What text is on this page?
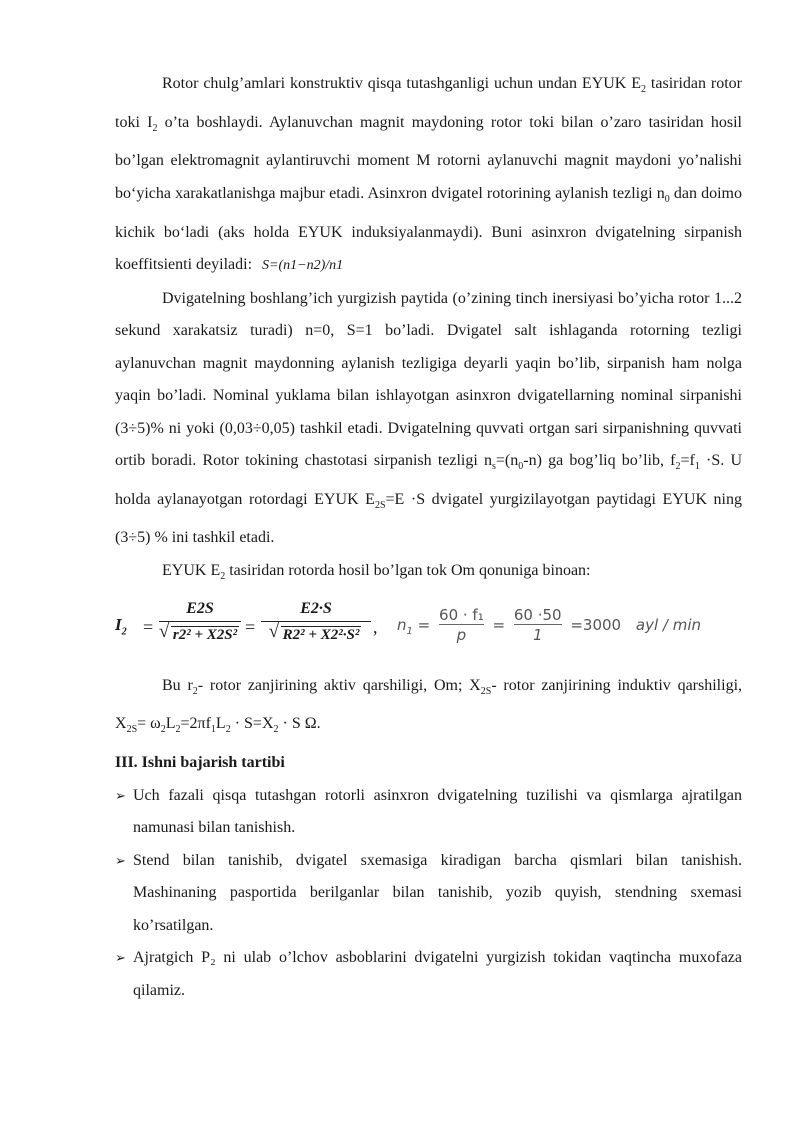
Rotor chulg’amlari konstruktiv qisqa tutashganligi uchun undan EYUK $E_2$ tasiridan rotor toki $I_2$ o’ta boshlaydi. Aylanuvchan magnit maydoning rotor toki bilan o’zaro tasiridan hosil bo’lgan elektromagnit aylantiruvchi moment M rotorni aylanuvchi magnit maydoni yo’nalishi bo‘yicha xarakatlanishga majbur etadi. Asinxron dvigatel rotorining aylanish tezligi $n_0$ dan doimo kichik bo‘ladi (aks holda EYUK induksiyalanmaydi). Buni asinxron dvigatelning sirpanish koeffitsienti deyiladi: S=(n1−n2)/n1

Dvigatelning boshlang’ich yurgizish paytida (o’zining tinch inersiyasi bo’yicha rotor 1...2 sekund xarakatsiz turadi) n=0, S=1 bo’ladi. Dvigatel salt ishlaganda rotorning tezligi aylanuvchan magnit maydonning aylanish tezligiga deyarli yaqin bo’lib, sirpanish ham nolga yaqin bo’ladi. Nominal yuklama bilan ishlayotgan asinxron dvigatellarning nominal sirpanishi (3÷5)% ni yoki (0,03÷0,05) tashkil etadi. Dvigatelning quvvati ortgan sari sirpanishning quvvati ortib boradi. Rotor tokining chastotasi sirpanish tezligi $n_s=(n_0-n)$ ga bog’liq bo’lib, $f_2=f_1 \cdot S$. U holda aylanayotgan rotordagi EYUK $E_{2S}=E \cdot S$ dvigatel yurgizilayotgan paytidagi EYUK ning (3÷5) % ini tashkil etadi.

EYUK $E_2$ tasiridan rotorda hosil bo’lgan tok Om qonuniga binoan:

$I_2$ =
E2S
√ r2² + X2S² =
E2·S
√ R2² + X2²·S² , $n_1 = \frac{\text{60 · f₁}}{p} = \frac{60 \cdot 50}{1} =3000$ ayl / min

Bu $r_2-$ rotor zanjirining aktiv qarshiligi, Om; $X_{2S}-$ rotor zanjirining induktiv qarshiligi, $X_{2S}= \omega_2L_2=2\pi f_1L_2 \cdot S=X_2 \cdot S$ Ω.

III. Ishni bajarish tartibi
➢ Uch fazali qisqa tutashgan rotorli asinxron dvigatelning tuzilishi va qismlarga ajratilgan namunasi bilan tanishish.
➢ Stend bilan tanishib, dvigatel sxemasiga kiradigan barcha qismlari bilan tanishish. Mashinaning pasportida berilganlar bilan tanishib, yozib quyish, stendning sxemasi ko’rsatilgan.
➢ Ajratgich P₂ ni ulab o’lchov asboblarini dvigatelni yurgizish tokidan vaqtincha muxofaza qilamiz.
